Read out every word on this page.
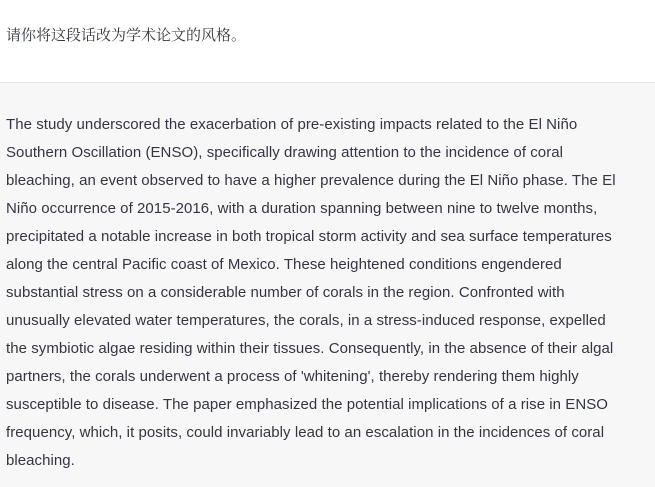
请你将这段话改为学术论文的风格。

The study underscored the exacerbation of pre-existing impacts related to the El Niño
Southern Oscillation (ENSO), specifically drawing attention to the incidence of coral
bleaching, an event observed to have a higher prevalence during the El Niño phase. The El
Niño occurrence of 2015-2016, with a duration spanning between nine to twelve months,
precipitated a notable increase in both tropical storm activity and sea surface temperatures
along the central Pacific coast of Mexico. These heightened conditions engendered
substantial stress on a considerable number of corals in the region. Confronted with
unusually elevated water temperatures, the corals, in a stress-induced response, expelled
the symbiotic algae residing within their tissues. Consequently, in the absence of their algal
partners, the corals underwent a process of 'whitening', thereby rendering them highly
susceptible to disease. The paper emphasized the potential implications of a rise in ENSO
frequency, which, it posits, could invariably lead to an escalation in the incidences of coral
bleaching.
